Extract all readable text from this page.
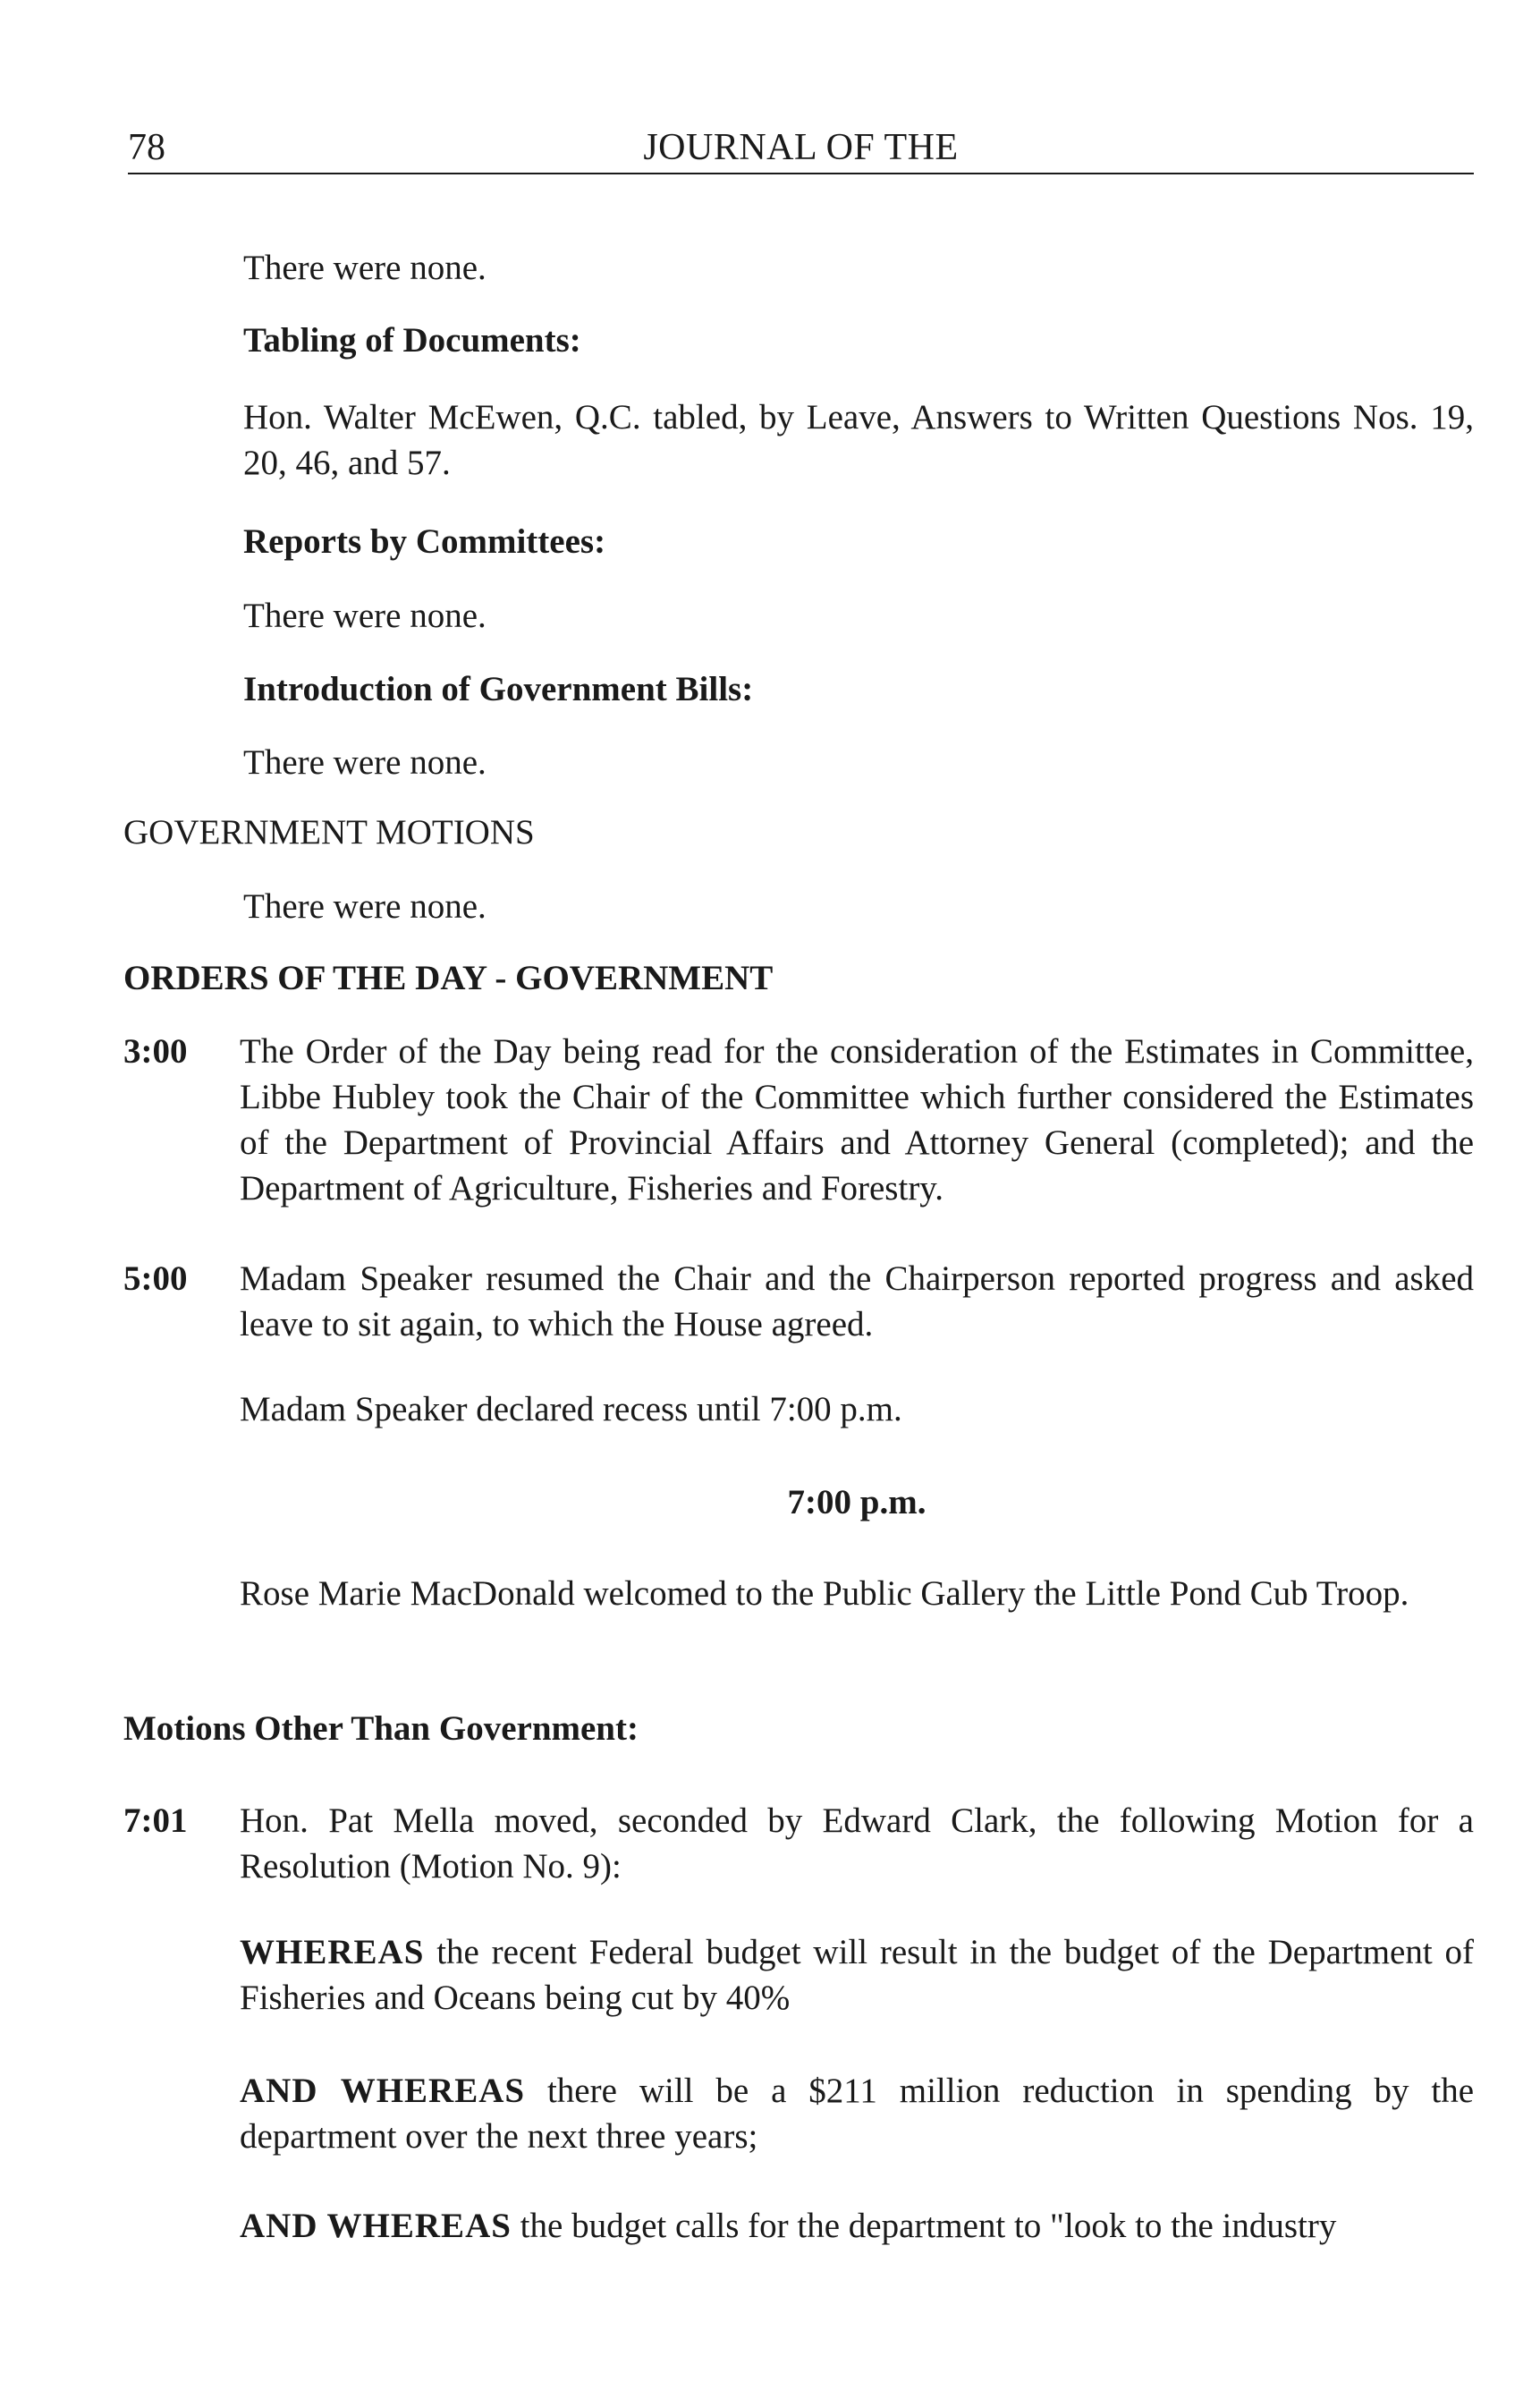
78	JOURNAL OF THE
There were none.
Tabling of Documents:
Hon. Walter McEwen, Q.C. tabled, by Leave, Answers to Written Questions Nos. 19, 20, 46, and 57.
Reports by Committees:
There were none.
Introduction of Government Bills:
There were none.
GOVERNMENT MOTIONS
There were none.
ORDERS OF THE DAY - GOVERNMENT
3:00 The Order of the Day being read for the consideration of the Estimates in Committee, Libbe Hubley took the Chair of the Committee which further considered the Estimates of the Department of Provincial Affairs and Attorney General (completed); and the Department of Agriculture, Fisheries and Forestry.
5:00 Madam Speaker resumed the Chair and the Chairperson reported progress and asked leave to sit again, to which the House agreed.
Madam Speaker declared recess until 7:00 p.m.
7:00 p.m.
Rose Marie MacDonald welcomed to the Public Gallery the Little Pond Cub Troop.
Motions Other Than Government:
7:01 Hon. Pat Mella moved, seconded by Edward Clark, the following Motion for a Resolution (Motion No. 9):
WHEREAS the recent Federal budget will result in the budget of the Department of Fisheries and Oceans being cut by 40%
AND WHEREAS there will be a $211 million reduction in spending by the department over the next three years;
AND WHEREAS the budget calls for the department to "look to the industry
